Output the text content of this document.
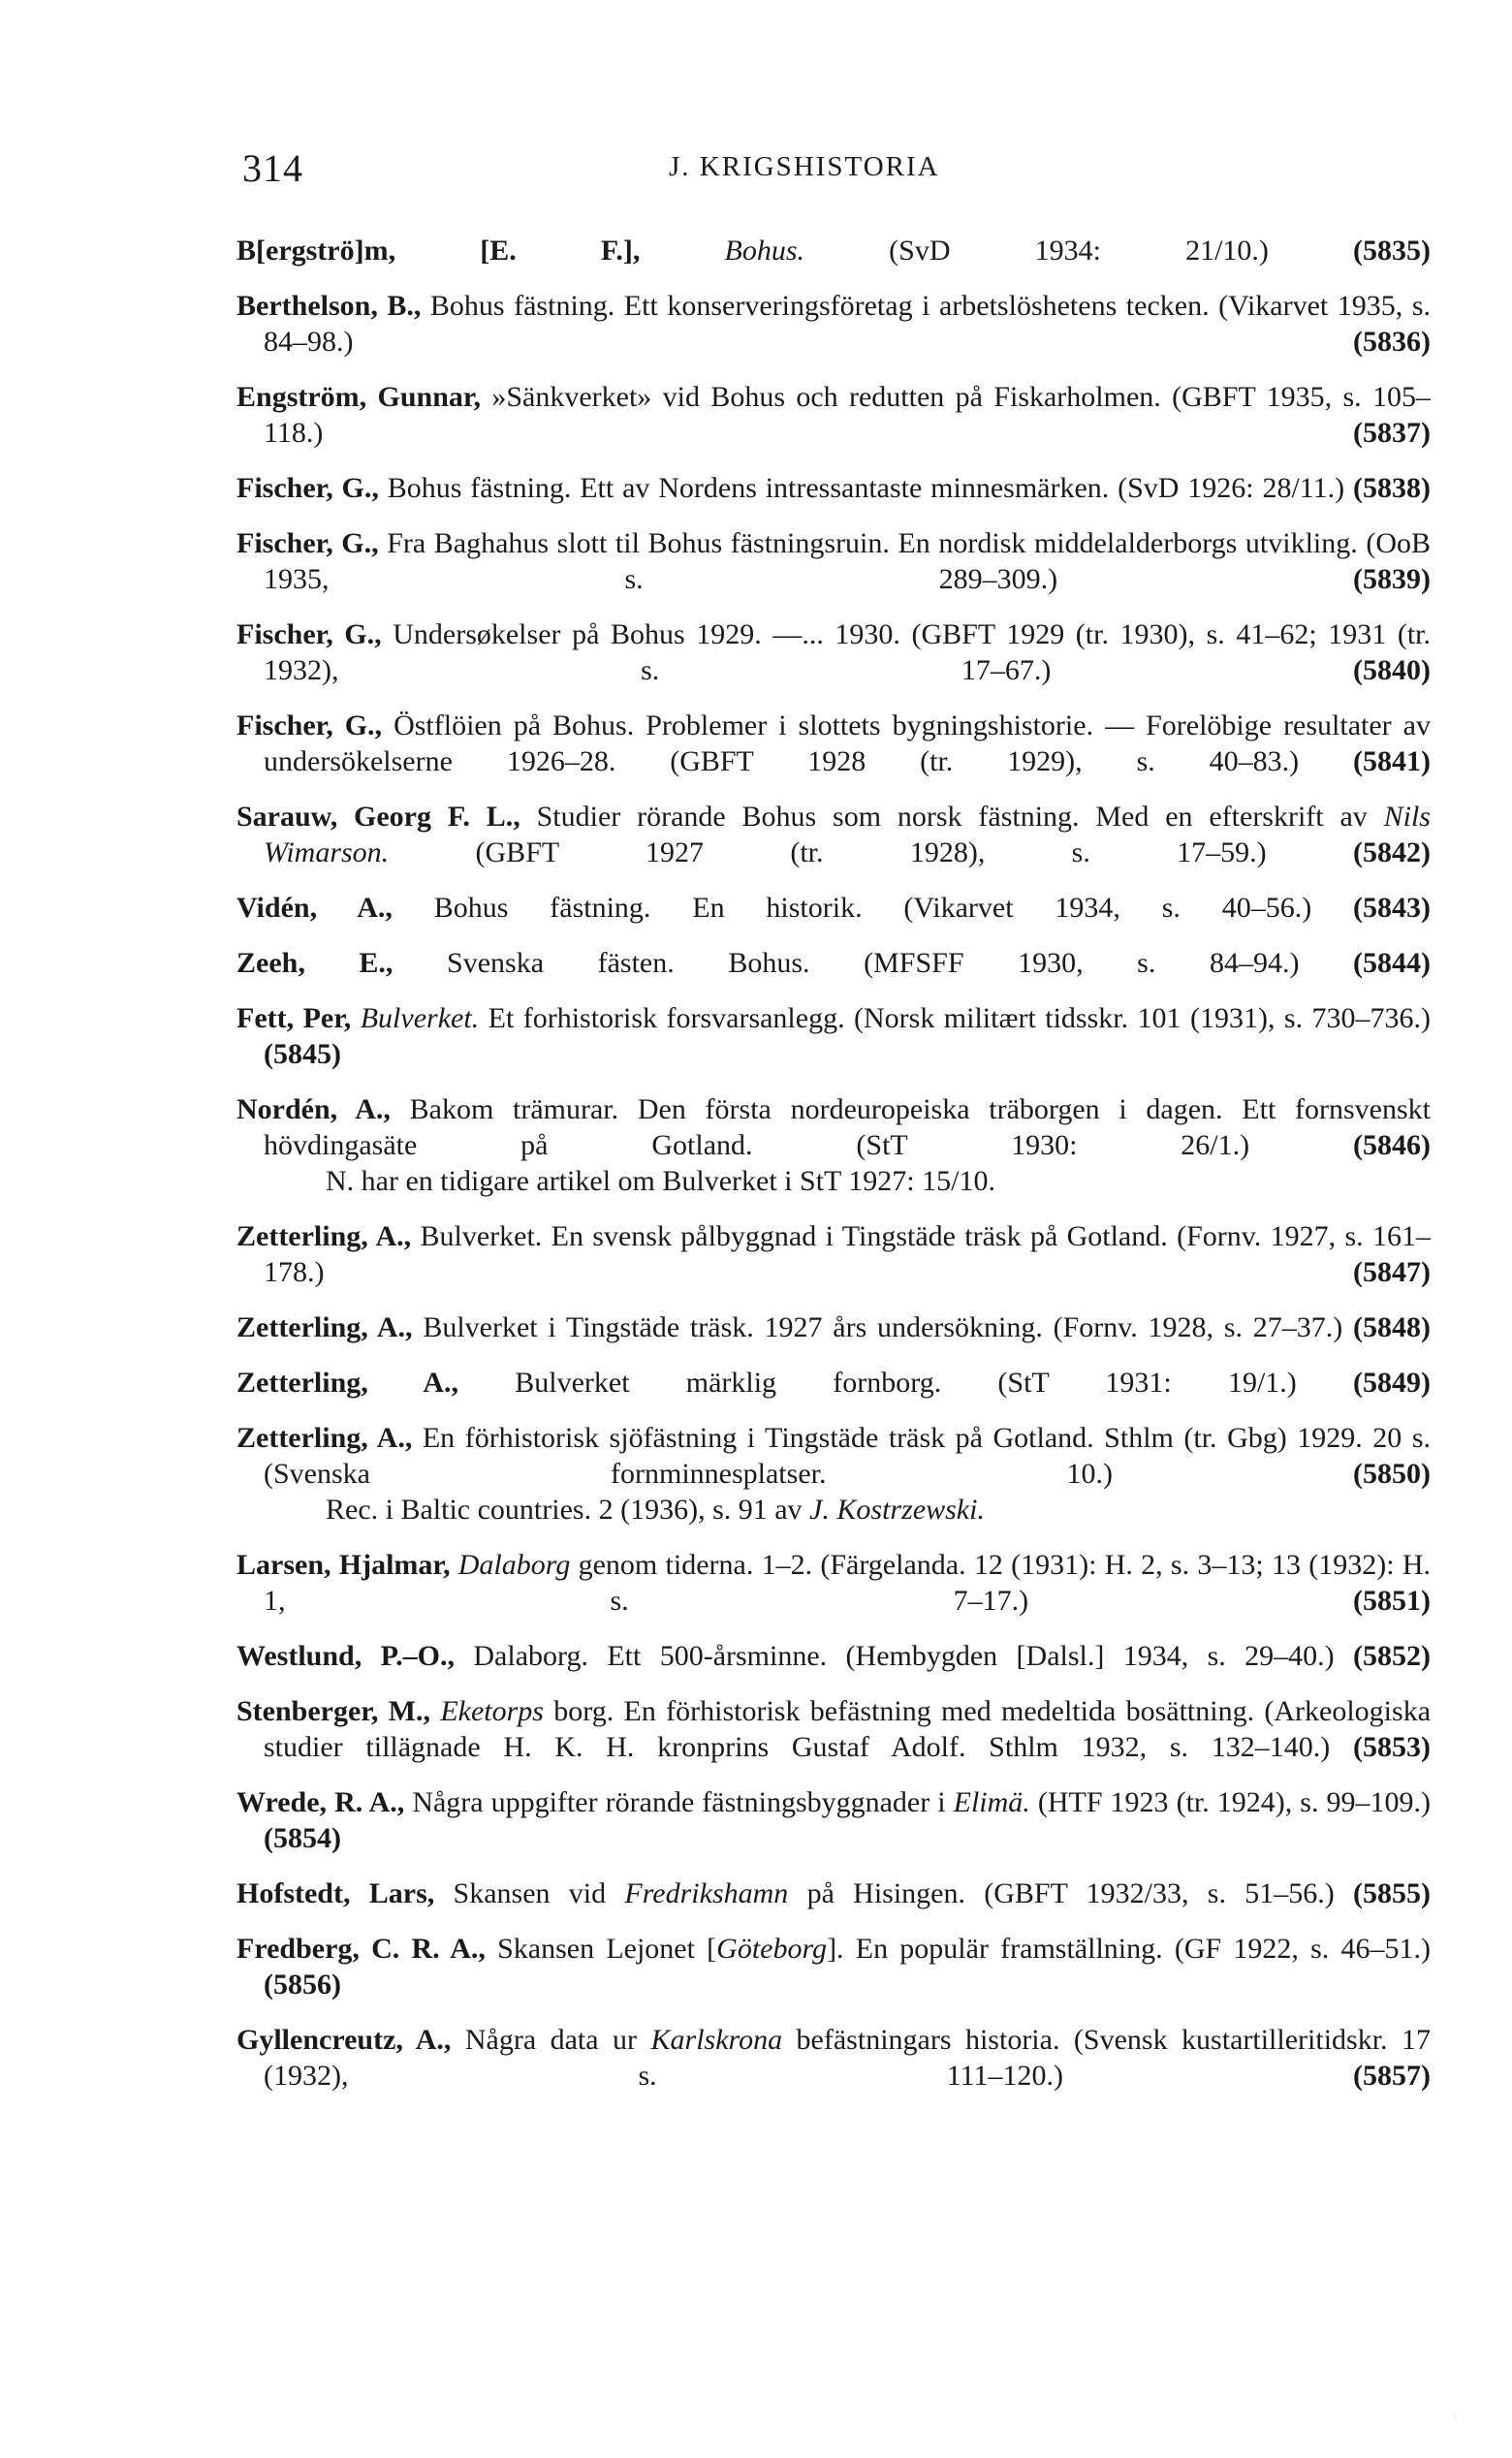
314	J. KRIGSHISTORIA
B[ergströ]m, [E. F.],	Bohus. (SvD 1934: 21/10.)	(5835)
Berthelson, B., Bohus fästning. Ett konserveringsföretag i arbetslöshetens tecken. (Vikarvet 1935, s. 84–98.)	(5836)
Engström, Gunnar, »Sänkverket» vid Bohus och redutten på Fiskarholmen. (GBFT 1935, s. 105–118.)	(5837)
Fischer, G., Bohus fästning. Ett av Nordens intressantaste minnesmärken. (SvD 1926: 28/11.) (5838)
Fischer, G., Fra Baghahus slott til Bohus fästningsruin. En nordisk middelalderborgs utvikling. (OoB 1935, s. 289–309.)	(5839)
Fischer, G., Undersøkelser på Bohus 1929. —... 1930. (GBFT 1929 (tr. 1930), s. 41–62; 1931 (tr. 1932), s. 17–67.)	(5840)
Fischer, G., Östflöien på Bohus. Problemer i slottets bygningshistorie. — Forelöbige resultater av undersökelserne 1926–28. (GBFT 1928 (tr. 1929), s. 40–83.) (5841)
Sarauw, Georg F. L., Studier rörande Bohus som norsk fästning. Med en efterskrift av Nils Wimarson. (GBFT 1927 (tr. 1928), s. 17–59.)	(5842)
Vidén, A., Bohus fästning. En historik. (Vikarvet 1934, s. 40–56.) (5843)
Zeeh, E., Svenska fästen. Bohus. (MFSFF 1930, s. 84–94.) (5844)
Fett, Per, Bulverket. Et forhistorisk forsvarsanlegg. (Norsk militært tidsskr. 101 (1931), s. 730–736.) (5845)
Nordén, A., Bakom trämurar. Den första nordeuropeiska träborgen i dagen. Ett fornsvenskt hövdingasäte på Gotland. (StT 1930: 26/1.)	(5846)
N. har en tidigare artikel om Bulverket i StT 1927: 15/10.
Zetterling, A., Bulverket. En svensk pålbyggnad i Tingstäde träsk på Gotland. (Fornv. 1927, s. 161–178.)	(5847)
Zetterling, A., Bulverket i Tingstäde träsk. 1927 års undersökning. (Fornv. 1928, s. 27–37.) (5848)
Zetterling, A., Bulverket märklig fornborg. (StT 1931: 19/1.) (5849)
Zetterling, A., En förhistorisk sjöfästning i Tingstäde träsk på Gotland. Sthlm (tr. Gbg) 1929. 20 s. (Svenska fornminnesplatser. 10.)	(5850)
Rec. i Baltic countries. 2 (1936), s. 91 av J. Kostrzewski.
Larsen, Hjalmar, Dalaborg genom tiderna. 1–2. (Färgelanda. 12 (1931): H. 2, s. 3–13; 13 (1932): H. 1, s. 7–17.)	(5851)
Westlund, P.–O., Dalaborg. Ett 500-årsminne. (Hembygden [Dalsl.] 1934, s. 29–40.) (5852)
Stenberger, M., Eketorps borg. En förhistorisk befästning med medeltida bosättning. (Arkeologiska studier tillägnade H. K. H. kronprins Gustaf Adolf. Sthlm 1932, s. 132–140.) (5853)
Wrede, R. A., Några uppgifter rörande fästningsbyggnader i Elimä. (HTF 1923 (tr. 1924), s. 99–109.) (5854)
Hofstedt, Lars, Skansen vid Fredrikshamn på Hisingen. (GBFT 1932/33, s. 51–56.) (5855)
Fredberg, C. R. A., Skansen Lejonet [Göteborg]. En populär framställning. (GF 1922, s. 46–51.) (5856)
Gyllencreutz, A., Några data ur Karlskrona befästningars historia. (Svensk kustartilleritidskr. 17 (1932), s. 111–120.)	(5857)
·
